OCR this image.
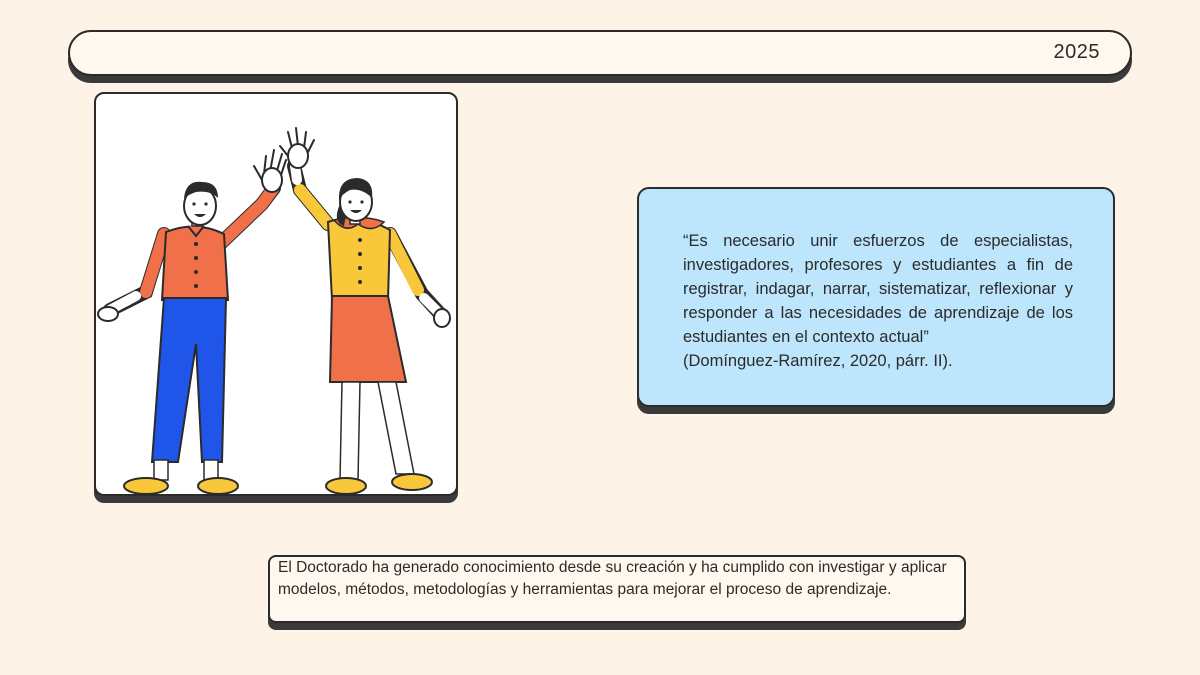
2025
“Es necesario unir esfuerzos de especialistas, investigadores, profesores y estudiantes a fin de registrar, indagar, narrar, sistematizar, reflexionar y responder a las necesidades de aprendizaje de los estudiantes en el contexto actual”
(Domínguez-Ramírez, 2020, párr. II).
El Doctorado ha generado conocimiento desde su creación y ha cumplido con investigar y aplicar modelos, métodos, metodologías y herramientas para mejorar el proceso de aprendizaje.
